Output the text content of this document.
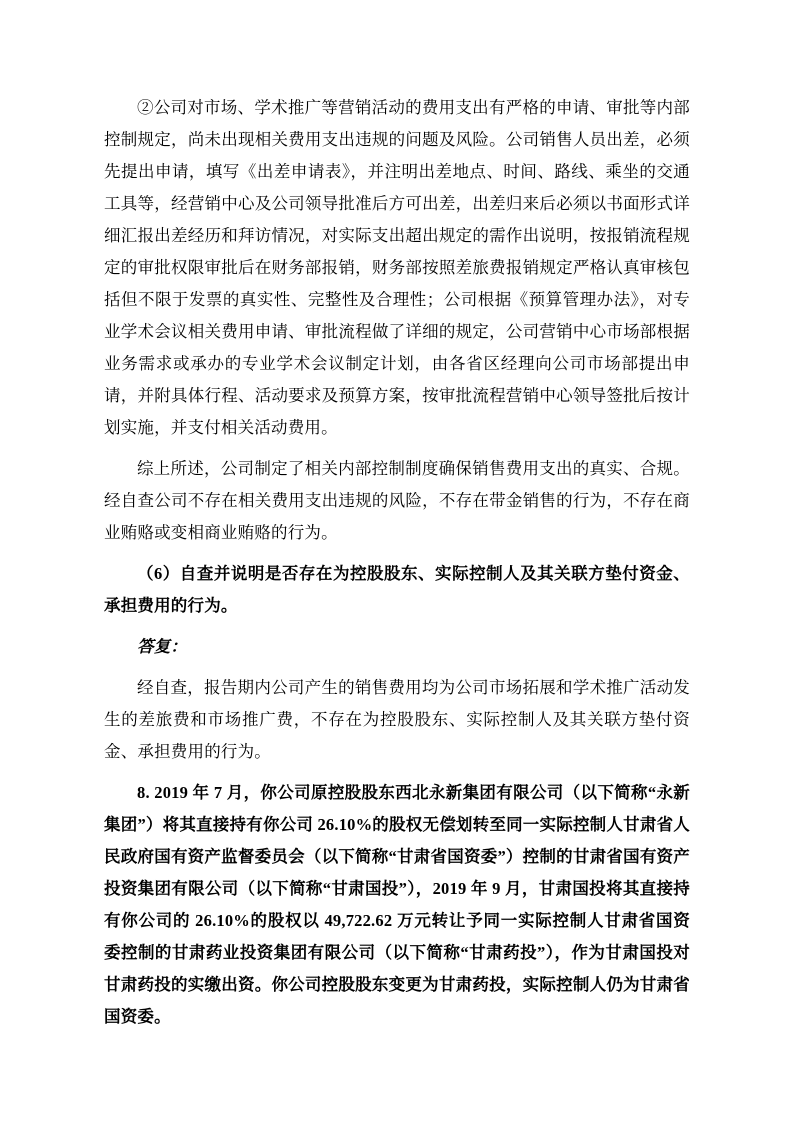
②公司对市场、学术推广等营销活动的费用支出有严格的申请、审批等内部控制规定，尚未出现相关费用支出违规的问题及风险。公司销售人员出差，必须先提出申请，填写《出差申请表》，并注明出差地点、时间、路线、乘坐的交通工具等，经营销中心及公司领导批准后方可出差，出差归来后必须以书面形式详细汇报出差经历和拜访情况，对实际支出超出规定的需作出说明，按报销流程规定的审批权限审批后在财务部报销，财务部按照差旅费报销规定严格认真审核包括但不限于发票的真实性、完整性及合理性；公司根据《预算管理办法》，对专业学术会议相关费用申请、审批流程做了详细的规定，公司营销中心市场部根据业务需求或承办的专业学术会议制定计划，由各省区经理向公司市场部提出申请，并附具体行程、活动要求及预算方案，按审批流程营销中心领导签批后按计划实施，并支付相关活动费用。

综上所述，公司制定了相关内部控制制度确保销售费用支出的真实、合规。经自查公司不存在相关费用支出违规的风险，不存在带金销售的行为，不存在商业贿赂或变相商业贿赂的行为。

（6）自查并说明是否存在为控股股东、实际控制人及其关联方垫付资金、承担费用的行为。

答复：

经自查，报告期内公司产生的销售费用均为公司市场拓展和学术推广活动发生的差旅费和市场推广费，不存在为控股股东、实际控制人及其关联方垫付资金、承担费用的行为。

8. 2019 年 7 月，你公司原控股股东西北永新集团有限公司（以下简称“永新集团”）将其直接持有你公司 26.10%的股权无偿划转至同一实际控制人甘肃省人民政府国有资产监督委员会（以下简称“甘肃省国资委”）控制的甘肃省国有资产投资集团有限公司（以下简称“甘肃国投”），2019 年 9 月，甘肃国投将其直接持有你公司的 26.10%的股权以 49,722.62 万元转让予同一实际控制人甘肃省国资委控制的甘肃药业投资集团有限公司（以下简称“甘肃药投”），作为甘肃国投对甘肃药投的实缴出资。你公司控股股东变更为甘肃药投，实际控制人仍为甘肃省国资委。
